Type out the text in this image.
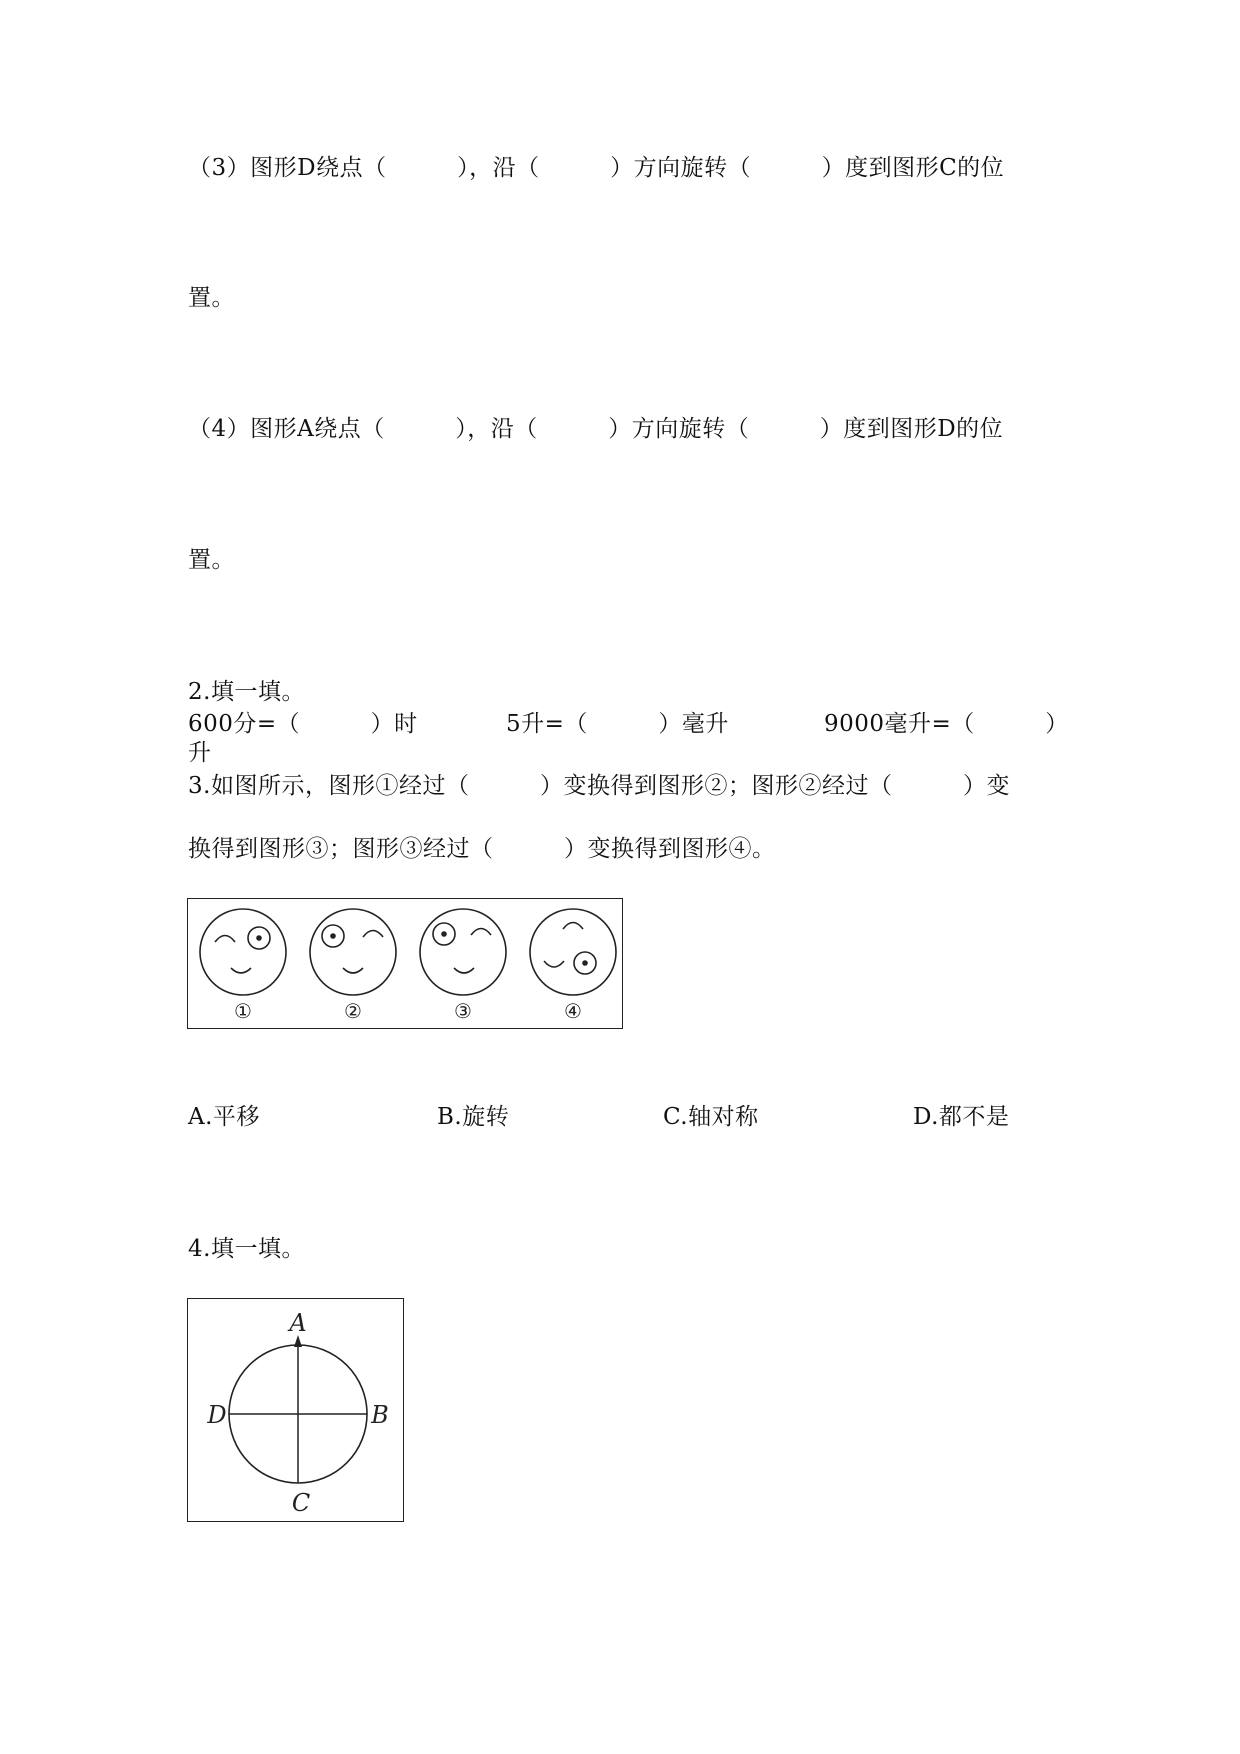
（3）图形D绕点（　　　），沿（　　　）方向旋转（　　　）度到图形C的位
置。
（4）图形A绕点（　　　），沿（　　　）方向旋转（　　　）度到图形D的位
置。
2.填一填。
600分=（　　　）时	5升=（　　　）毫升	9000毫升=（　　　）
升
3.如图所示，图形①经过（　　　）变换得到图形②；图形②经过（　　　）变
换得到图形③；图形③经过（　　　）变换得到图形④。
①	②	③	④
A.平移	B.旋转	C.轴对称	D.都不是
4.填一填。
A
B
C
D
